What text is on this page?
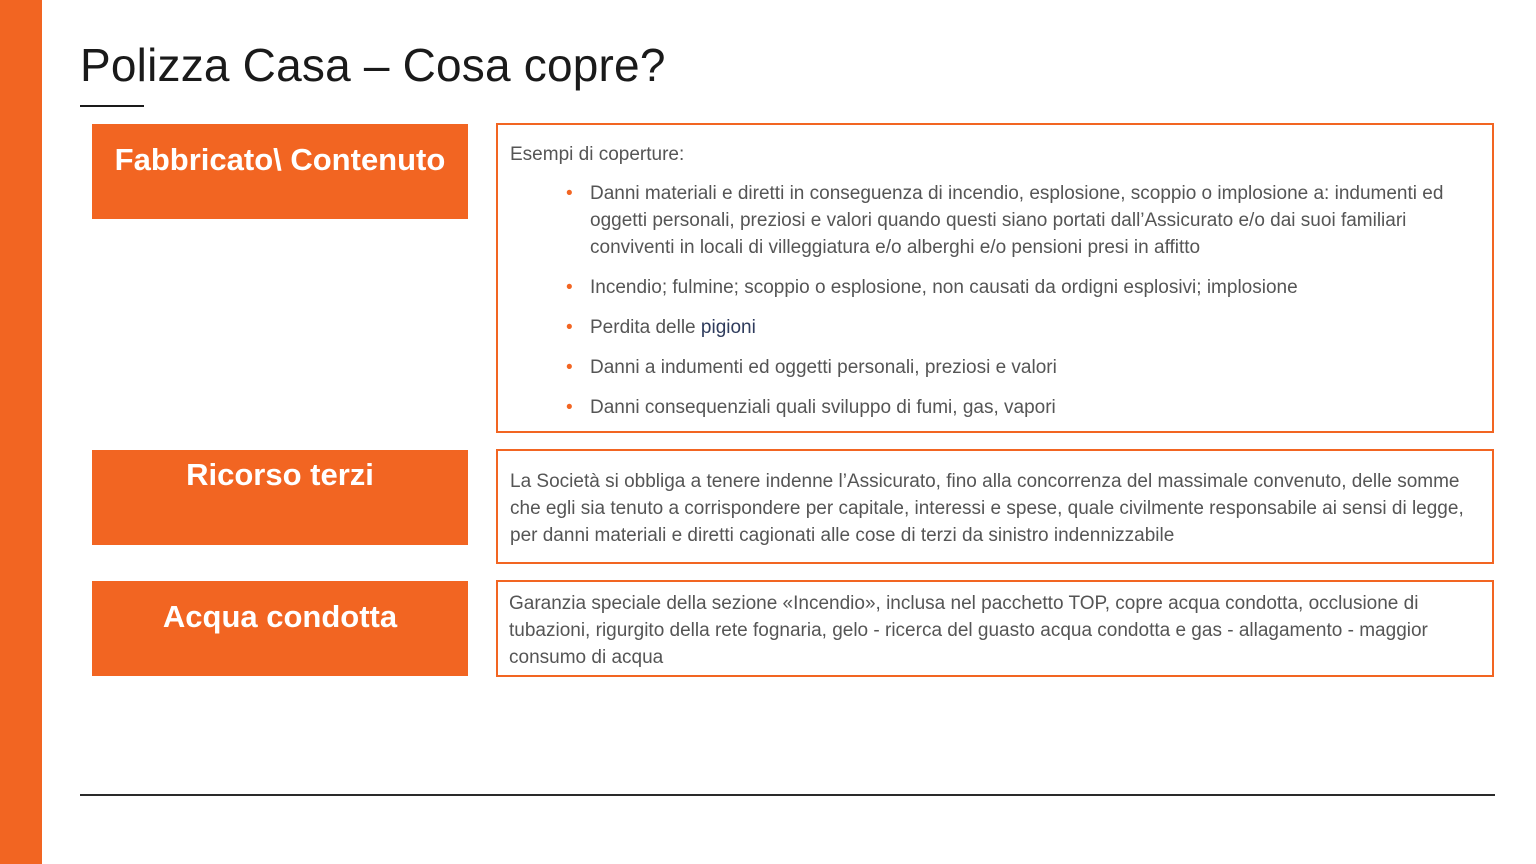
Polizza Casa – Cosa copre?
Fabbricato\ Contenuto	Esempi di coperture:

• Danni materiali e diretti in conseguenza di incendio, esplosione, scoppio o implosione a: indumenti ed oggetti personali, preziosi e valori quando questi siano portati dall’Assicurato e/o dai suoi familiari conviventi in locali di villeggiatura e/o alberghi e/o pensioni presi in affitto
• Incendio; fulmine; scoppio o esplosione, non causati da ordigni esplosivi; implosione
• Perdita delle pigioni
• Danni a indumenti ed oggetti personali, preziosi e valori
• Danni consequenziali quali sviluppo di fumi, gas, vapori
Ricorso terzi	La Società si obbliga a tenere indenne l’Assicurato, fino alla concorrenza del massimale convenuto, delle somme che egli sia tenuto a corrispondere per capitale, interessi e spese, quale civilmente responsabile ai sensi di legge, per danni materiali e diretti cagionati alle cose di terzi da sinistro indennizzabile
Acqua condotta	Garanzia speciale della sezione «Incendio», inclusa nel pacchetto TOP, copre acqua condotta, occlusione di tubazioni, rigurgito della rete fognaria, gelo - ricerca del guasto acqua condotta e gas - allagamento - maggior consumo di acqua
